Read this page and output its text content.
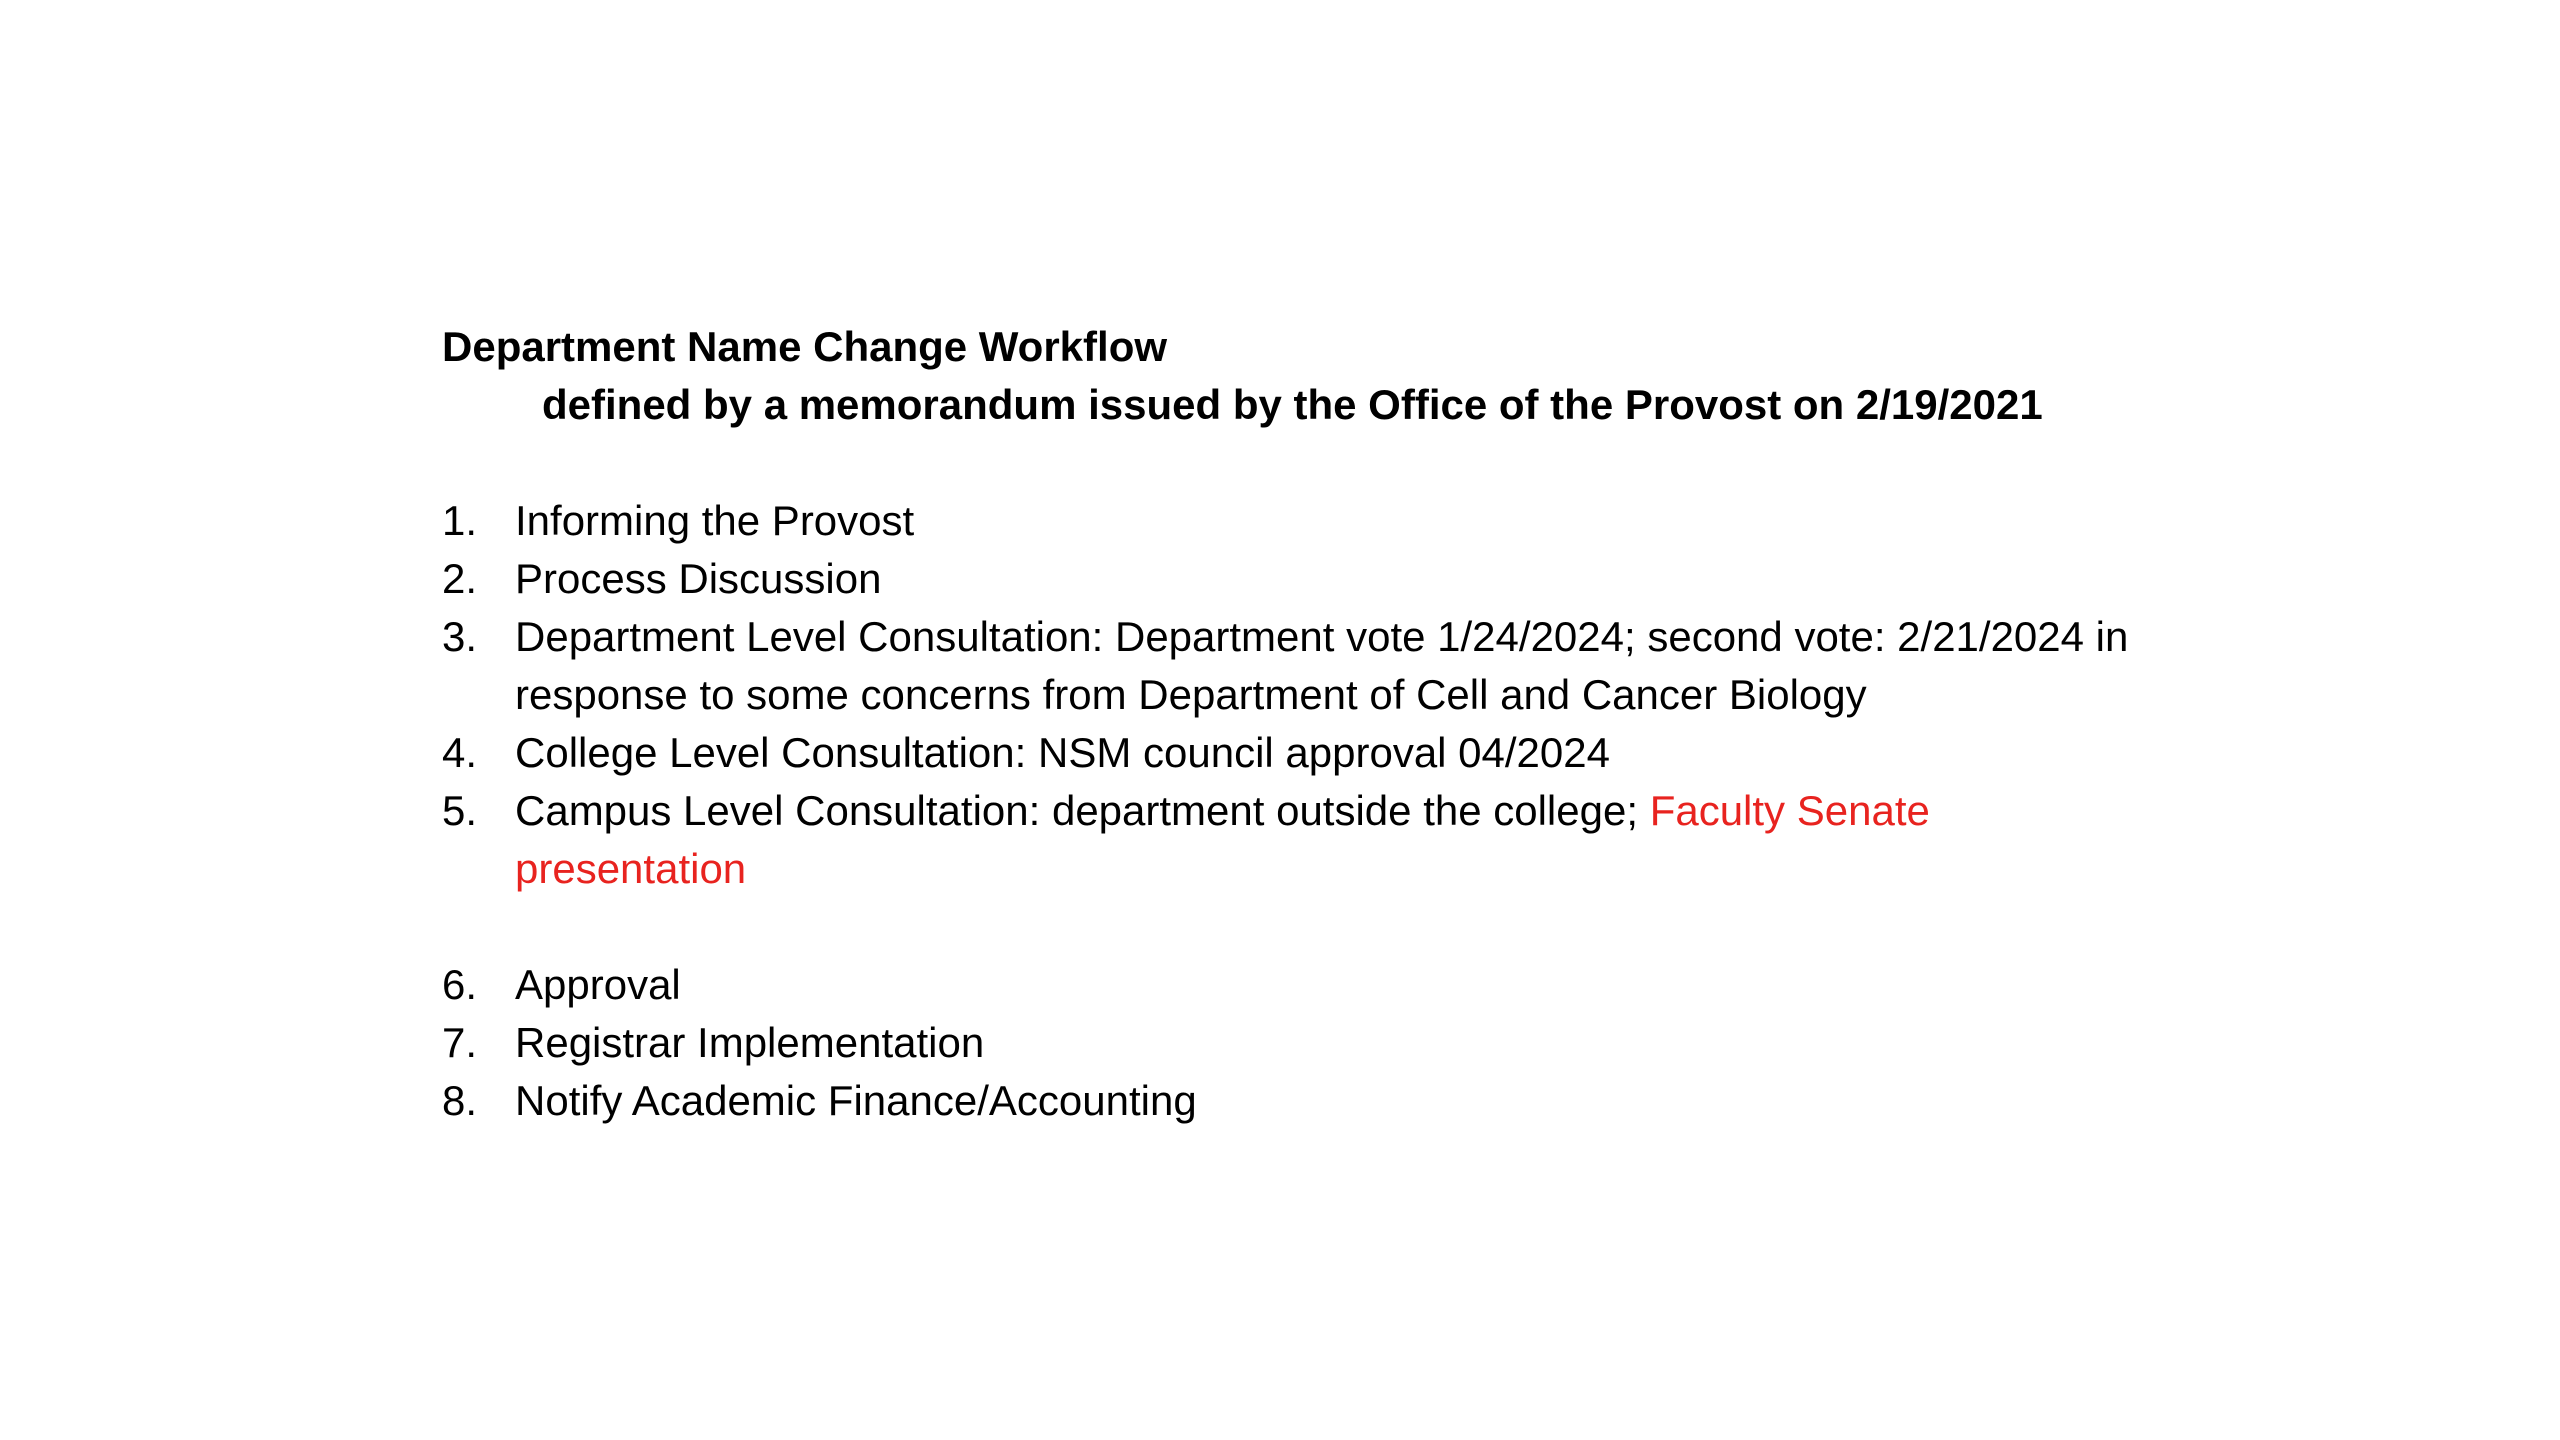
Department Name Change Workflow

defined by a memorandum issued by the Office of the Provost on 2/19/2021

1. Informing the Provost
2. Process Discussion
3. Department Level Consultation: Department vote 1/24/2024; second vote: 2/21/2024 in response to some concerns from Department of Cell and Cancer Biology
4. College Level Consultation: NSM council approval 04/2024
5. Campus Level Consultation: department outside the college; Faculty Senate presentation
6. Approval
7. Registrar Implementation
8. Notify Academic Finance/Accounting
